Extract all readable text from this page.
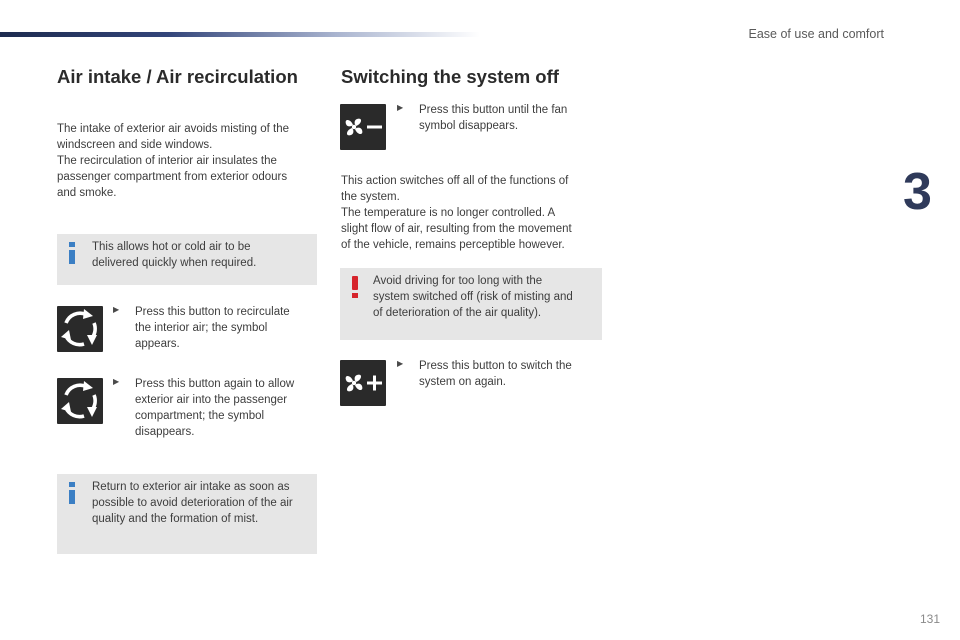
Ease of use and comfort
3
Air intake / Air recirculation
The intake of exterior air avoids misting of the
windscreen and side windows.
The recirculation of interior air insulates the
passenger compartment from exterior odours
and smoke.
This allows hot or cold air to be
delivered quickly when required.
▶ Press this button to recirculate
the interior air; the symbol
appears.
▶ Press this button again to allow
exterior air into the passenger
compartment; the symbol
disappears.
Return to exterior air intake as soon as
possible to avoid deterioration of the air
quality and the formation of mist.
Switching the system off
▶ Press this button until the fan
symbol disappears.
This action switches off all of the functions of
the system.
The temperature is no longer controlled. A
slight flow of air, resulting from the movement
of the vehicle, remains perceptible however.
Avoid driving for too long with the
system switched off (risk of misting and
of deterioration of the air quality).
▶ Press this button to switch the
system on again.
131
